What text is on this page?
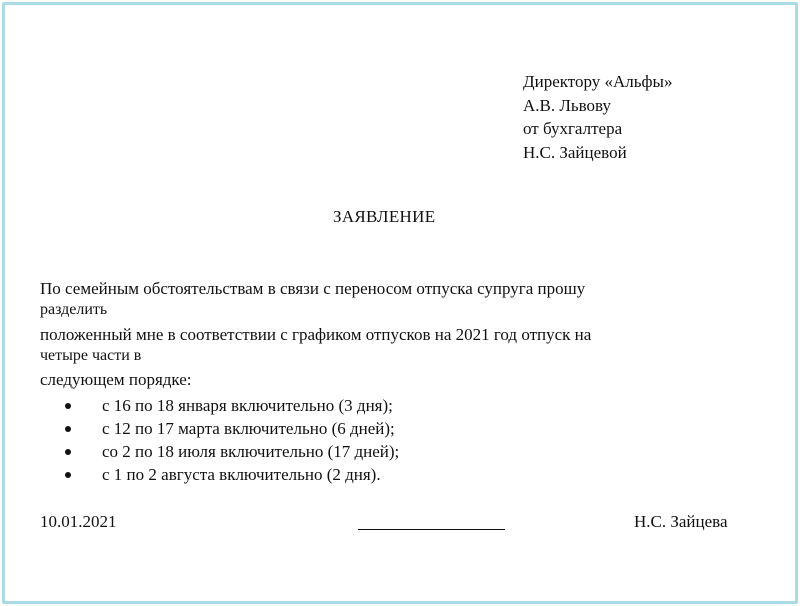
Директору «Альфы»
А.В. Львову
от бухгалтера
Н.С. Зайцевой
ЗАЯВЛЕНИЕ
По семейным обстоятельствам в связи с переносом отпуска супруга прошу
разделить
положенный мне в соответствии с графиком отпусков на 2021 год отпуск на
четыре части в
следующем порядке:
с 16 по 18 января включительно (3 дня);
с 12 по 17 марта включительно (6 дней);
со 2 по 18 июля включительно (17 дней);
с 1 по 2 августа включительно (2 дня).
10.01.2021	Н.С. Зайцева
